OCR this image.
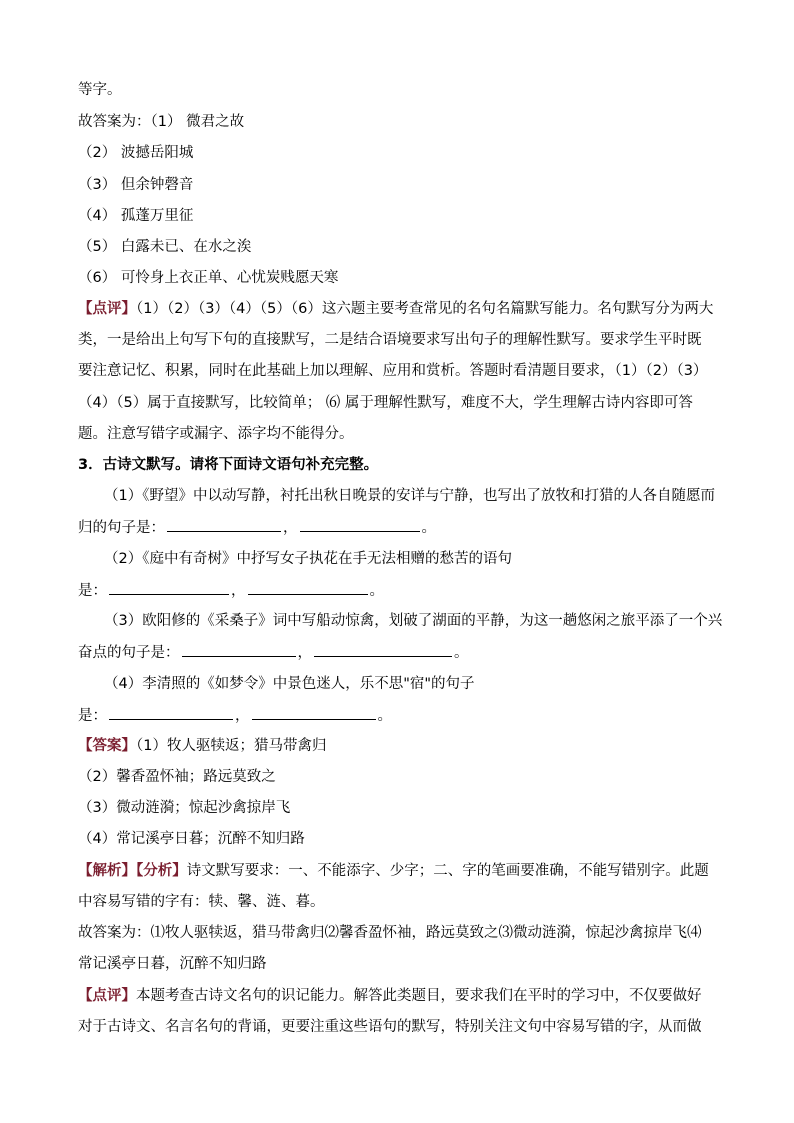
等字。
故答案为：（1） 微君之故
（2） 波撼岳阳城
（3） 但余钟磬音
（4） 孤蓬万里征
（5） 白露未已、在水之涘
（6） 可怜身上衣正单、心忧炭贱愿天寒
【点评】（1）（2）（3）（4）（5）（6）这六题主要考查常见的名句名篇默写能力。名句默写分为两大
类，一是给出上句写下句的直接默写，二是结合语境要求写出句子的理解性默写。要求学生平时既
要注意记忆、积累，同时在此基础上加以理解、应用和赏析。答题时看清题目要求，（1）（2）（3）
（4）（5）属于直接默写，比较简单； ⑹ 属于理解性默写，难度不大，学生理解古诗内容即可答
题。注意写错字或漏字、添字均不能得分。
3．古诗文默写。请将下面诗文语句补充完整。
（1）《野望》中以动写静，衬托出秋日晚景的安详与宁静，也写出了放牧和打猎的人各自随愿而
归的句子是：	，	。
（2）《庭中有奇树》中抒写女子执花在手无法相赠的愁苦的语句
是：	，	。
（3）欧阳修的《采桑子》词中写船动惊禽，划破了湖面的平静，为这一趟悠闲之旅平添了一个兴
奋点的句子是：	，	。
（4）李清照的《如梦令》中景色迷人，乐不思"宿"的句子
是：	，	。
【答案】（1）牧人驱犊返；猎马带禽归
（2）馨香盈怀袖；路远莫致之
（3）微动涟漪；惊起沙禽掠岸飞
（4）常记溪亭日暮；沉醉不知归路
【解析】【分析】诗文默写要求：一、不能添字、少字；二、字的笔画要准确，不能写错别字。此题
中容易写错的字有：犊、馨、涟、暮。
故答案为：⑴牧人驱犊返，猎马带禽归⑵馨香盈怀袖，路远莫致之⑶微动涟漪，惊起沙禽掠岸飞⑷
常记溪亭日暮，沉醉不知归路
【点评】本题考查古诗文名句的识记能力。解答此类题目，要求我们在平时的学习中，不仅要做好
对于古诗文、名言名句的背诵，更要注重这些语句的默写，特别关注文句中容易写错的字，从而做
